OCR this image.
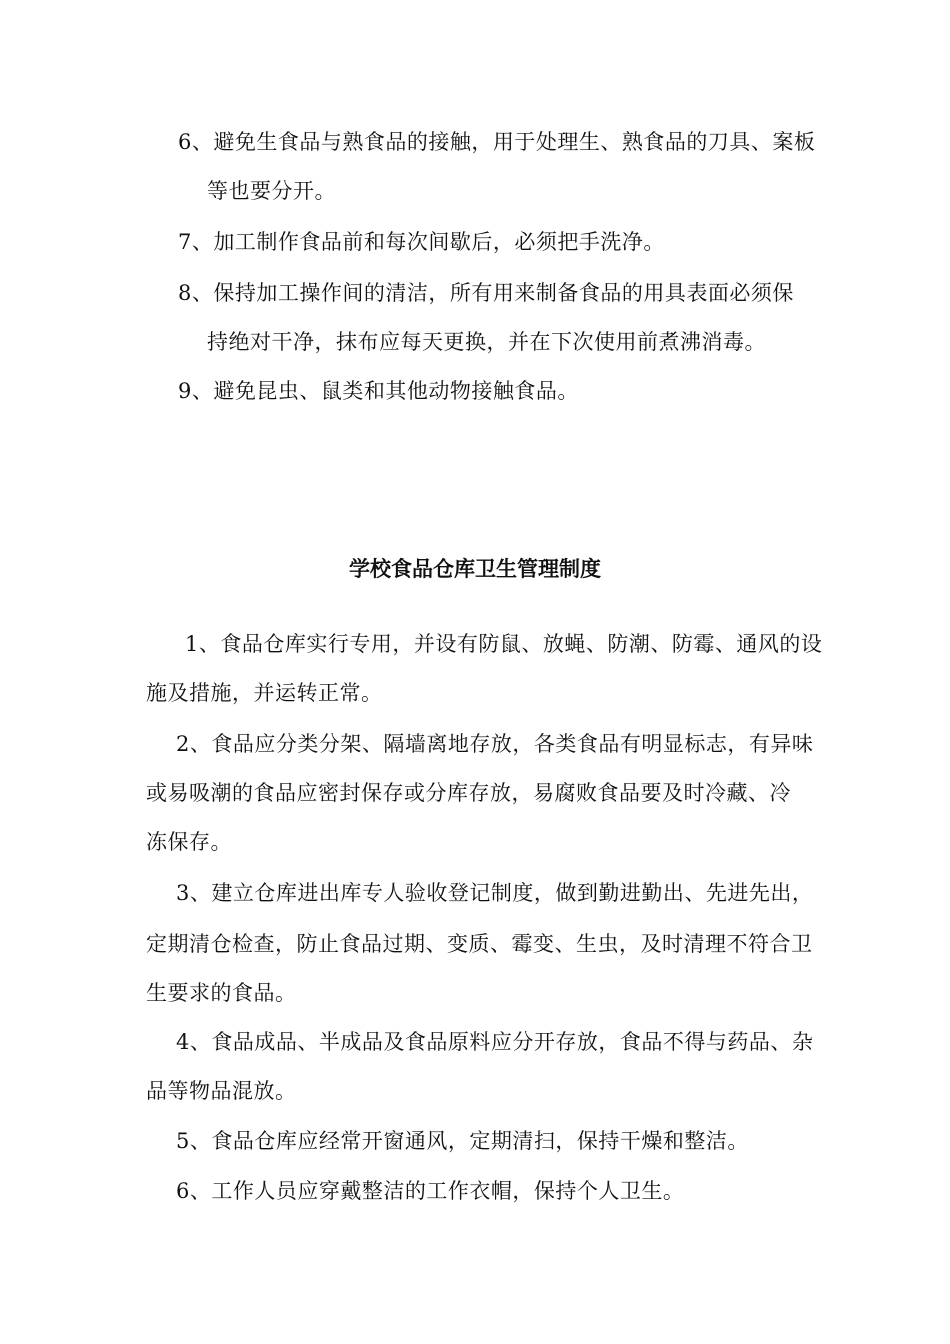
6、避免生食品与熟食品的接触，用于处理生、熟食品的刀具、案板
等也要分开。
7、加工制作食品前和每次间歇后，必须把手洗净。
8、保持加工操作间的清洁，所有用来制备食品的用具表面必须保
持绝对干净，抹布应每天更换，并在下次使用前煮沸消毒。
9、避免昆虫、鼠类和其他动物接触食品。
学校食品仓库卫生管理制度
1、食品仓库实行专用，并设有防鼠、放蝇、防潮、防霉、通风的设
施及措施，并运转正常。
2、食品应分类分架、隔墙离地存放，各类食品有明显标志，有异味
或易吸潮的食品应密封保存或分库存放，易腐败食品要及时冷藏、冷
冻保存。
3、建立仓库进出库专人验收登记制度，做到勤进勤出、先进先出，
定期清仓检查，防止食品过期、变质、霉变、生虫，及时清理不符合卫
生要求的食品。
4、食品成品、半成品及食品原料应分开存放，食品不得与药品、杂
品等物品混放。
5、食品仓库应经常开窗通风，定期清扫，保持干燥和整洁。
6、工作人员应穿戴整洁的工作衣帽，保持个人卫生。
